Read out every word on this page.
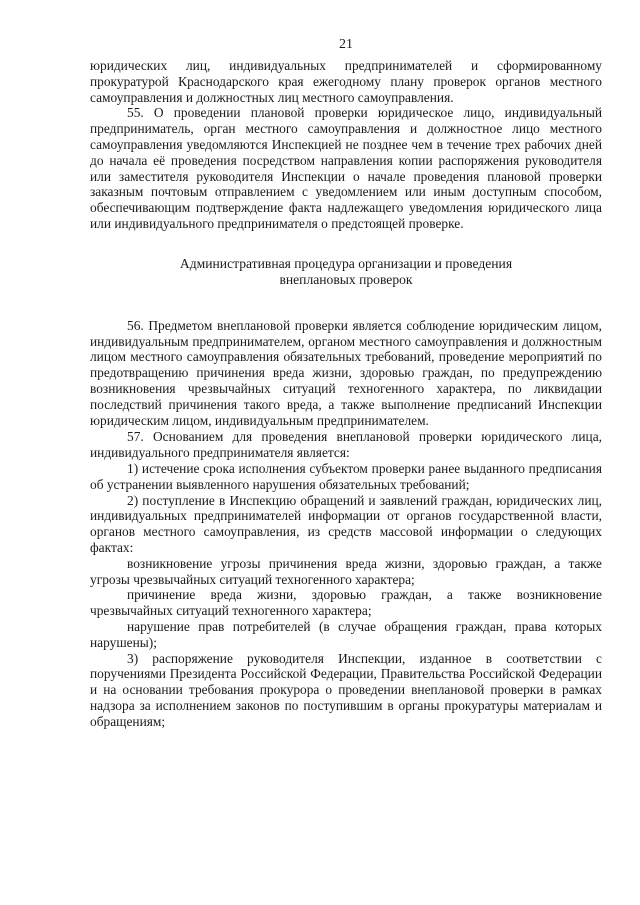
21

юридических лиц, индивидуальных предпринимателей и сформированному прокуратурой Краснодарского края ежегодному плану проверок органов местного самоуправления и должностных лиц местного самоуправления.

55. О проведении плановой проверки юридическое лицо, индивидуальный предприниматель, орган местного самоуправления и должностное лицо местного самоуправления уведомляются Инспекцией не позднее чем в течение трех рабочих дней до начала её проведения посредством направления копии распоряжения руководителя или заместителя руководителя Инспекции о начале проведения плановой проверки заказным почтовым отправлением с уведомлением или иным доступным способом, обеспечивающим подтверждение факта надлежащего уведомления юридического лица или индивидуального предпринимателя о предстоящей проверке.

Административная процедура организации и проведения
внеплановых проверок

56. Предметом внеплановой проверки является соблюдение юридическим лицом, индивидуальным предпринимателем, органом местного самоуправления и должностным лицом местного самоуправления обязательных требований, проведение мероприятий по предотвращению причинения вреда жизни, здоровью граждан, по предупреждению возникновения чрезвычайных ситуаций техногенного характера, по ликвидации последствий причинения такого вреда, а также выполнение предписаний Инспекции юридическим лицом, индивидуальным предпринимателем.

57. Основанием для проведения внеплановой проверки юридического лица, индивидуального предпринимателя является:

1) истечение срока исполнения субъектом проверки ранее выданного предписания об устранении выявленного нарушения обязательных требований;

2) поступление в Инспекцию обращений и заявлений граждан, юридических лиц, индивидуальных предпринимателей информации от органов государственной власти, органов местного самоуправления, из средств массовой информации о следующих фактах:

возникновение угрозы причинения вреда жизни, здоровью граждан, а также угрозы чрезвычайных ситуаций техногенного характера;

причинение вреда жизни, здоровью граждан, а также возникновение чрезвычайных ситуаций техногенного характера;

нарушение прав потребителей (в случае обращения граждан, права которых нарушены);

3) распоряжение руководителя Инспекции, изданное в соответствии с поручениями Президента Российской Федерации, Правительства Российской Федерации и на основании требования прокурора о проведении внеплановой проверки в рамках надзора за исполнением законов по поступившим в органы прокуратуры материалам и обращениям;
